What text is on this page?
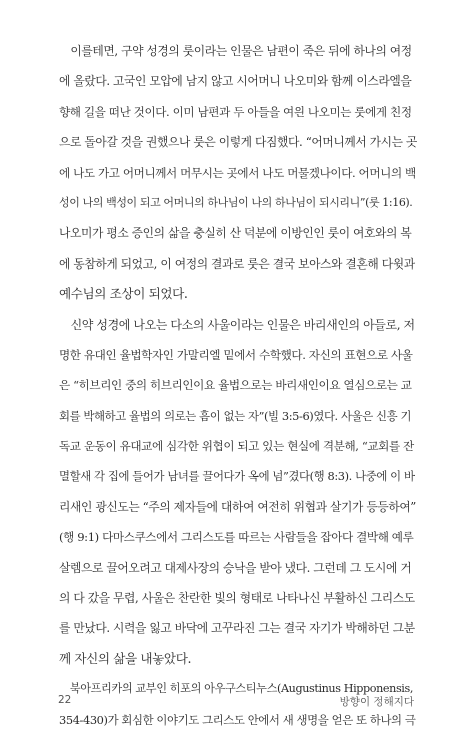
　이를테면, 구약 성경의 룻이라는 인물은 남편이 죽은 뒤에 하나의 여정
에 올랐다. 고국인 모압에 남지 않고 시어머니 나오미와 함께 이스라엘을
향해 길을 떠난 것이다. 이미 남편과 두 아들을 여읜 나오미는 룻에게 친정
으로 돌아갈 것을 권했으나 룻은 이렇게 다짐했다. “어머니께서 가시는 곳
에 나도 가고 어머니께서 머무시는 곳에서 나도 머물겠나이다. 어머니의 백
성이 나의 백성이 되고 어머니의 하나님이 나의 하나님이 되시리니”(룻 1:16).
나오미가 평소 증인의 삶을 충실히 산 덕분에 이방인인 룻이 여호와의 복
에 동참하게 되었고, 이 여정의 결과로 룻은 결국 보아스와 결혼해 다윗과
예수님의 조상이 되었다.
　신약 성경에 나오는 다소의 사울이라는 인물은 바리새인의 아들로, 저
명한 유대인 율법학자인 가말리엘 밑에서 수학했다. 자신의 표현으로 사울
은 “히브리인 중의 히브리인이요 율법으로는 바리새인이요 열심으로는 교
회를 박해하고 율법의 의로는 흠이 없는 자”(빌 3:5-6)였다. 사울은 신흥 기
독교 운동이 유대교에 심각한 위협이 되고 있는 현실에 격분해, “교회를 잔
멸할새 각 집에 들어가 남녀를 끌어다가 옥에 넘”겼다(행 8:3). 나중에 이 바
리새인 광신도는 “주의 제자들에 대하여 여전히 위협과 살기가 등등하여”
(행 9:1) 다마스쿠스에서 그리스도를 따르는 사람들을 잡아다 결박해 예루
살렘으로 끌어오려고 대제사장의 승낙을 받아 냈다. 그런데 그 도시에 거
의 다 갔을 무렵, 사울은 찬란한 빛의 형태로 나타나신 부활하신 그리스도
를 만났다. 시력을 잃고 바닥에 고꾸라진 그는 결국 자기가 박해하던 그분
께 자신의 삶을 내놓았다.
　북아프리카의 교부인 히포의 아우구스티누스(Augustinus Hipponensis,
354-430)가 회심한 이야기도 그리스도 안에서 새 생명을 얻은 또 하나의 극
22	방향이 정해지다
